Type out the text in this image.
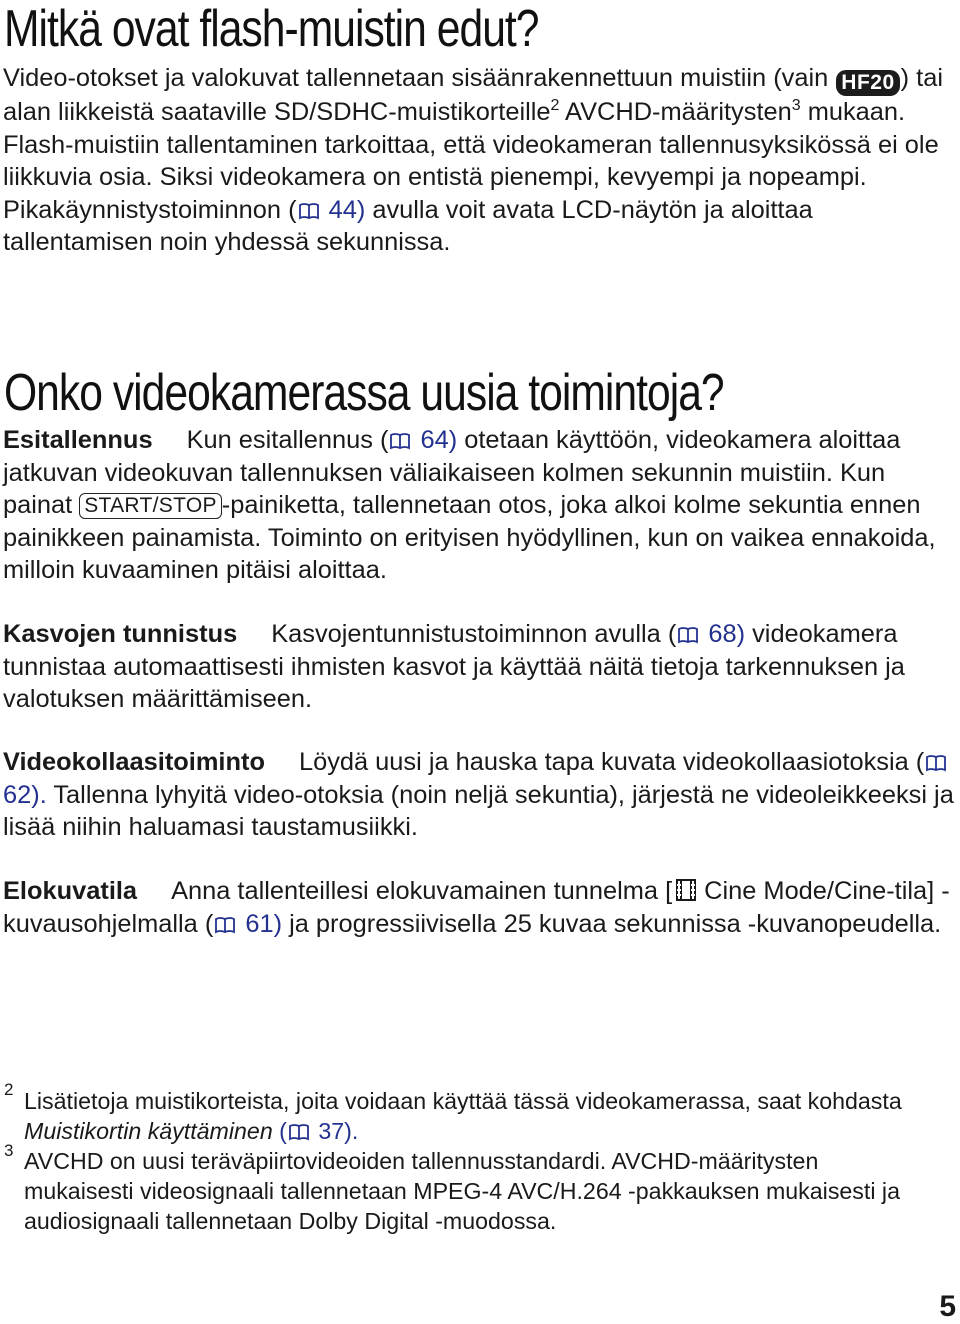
Mitkä ovat flash-muistin edut?

Video-otokset ja valokuvat tallennetaan sisäänrakennettuun muistiin (vain HF20 ) tai alan liikkeistä saataville SD/SDHC-muistikorteille$^2$ AVCHD-määritysten$^3$ mukaan. Flash-muistiin tallentaminen tarkoittaa, että videokameran tallennusyksikössä ei ole liikkuvia osia. Siksi videokamera on entistä pienempi, kevyempi ja nopeampi. Pikakäynnistystoiminnon ( 44) avulla voit avata LCD-näytön ja aloittaa tallentamisen noin yhdessä sekunnissa.

Onko videokamerassa uusia toimintoja?

Esitallennus Kun esitallennus ( 64) otetaan käyttöön, videokamera aloittaa jatkuvan videokuvan tallennuksen väliaikaiseen kolmen sekunnin muistiin. Kun painat START/STOP -painiketta, tallennetaan otos, joka alkoi kolme sekuntia ennen painikkeen painamista. Toiminto on erityisen hyödyllinen, kun on vaikea ennakoida, milloin kuvaaminen pitäisi aloittaa.

Kasvojen tunnistus Kasvojentunnistustoiminnon avulla ( 68) videokamera tunnistaa automaattisesti ihmisten kasvot ja käyttää näitä tietoja tarkennuksen ja valotuksen määrittämiseen.

Videokollaasitoiminto Löydä uusi ja hauska tapa kuvata videokollaasiotoksia (
62). Tallenna lyhyitä video-otoksia (noin neljä sekuntia), järjestä ne videoleikkeeksi ja lisää niihin haluamasi taustamusiikki.

Elokuvatila Anna tallenteillesi elokuvamainen tunnelma [ Cine Mode/Cine-tila] -kuvausohjelmalla ( 61) ja progressiivisella 25 kuvaa sekunnissa -kuvanopeudella.

2 Lisätietoja muistikorteista, joita voidaan käyttää tässä videokamerassa, saat kohdasta Muistikortin käyttäminen ( 37).

3 AVCHD on uusi teräväpiirtovideoiden tallennusstandardi. AVCHD-määritysten mukaisesti videosignaali tallennetaan MPEG-4 AVC/H.264 -pakkauksen mukaisesti ja audiosignaali tallennetaan Dolby Digital -muodossa.

5
